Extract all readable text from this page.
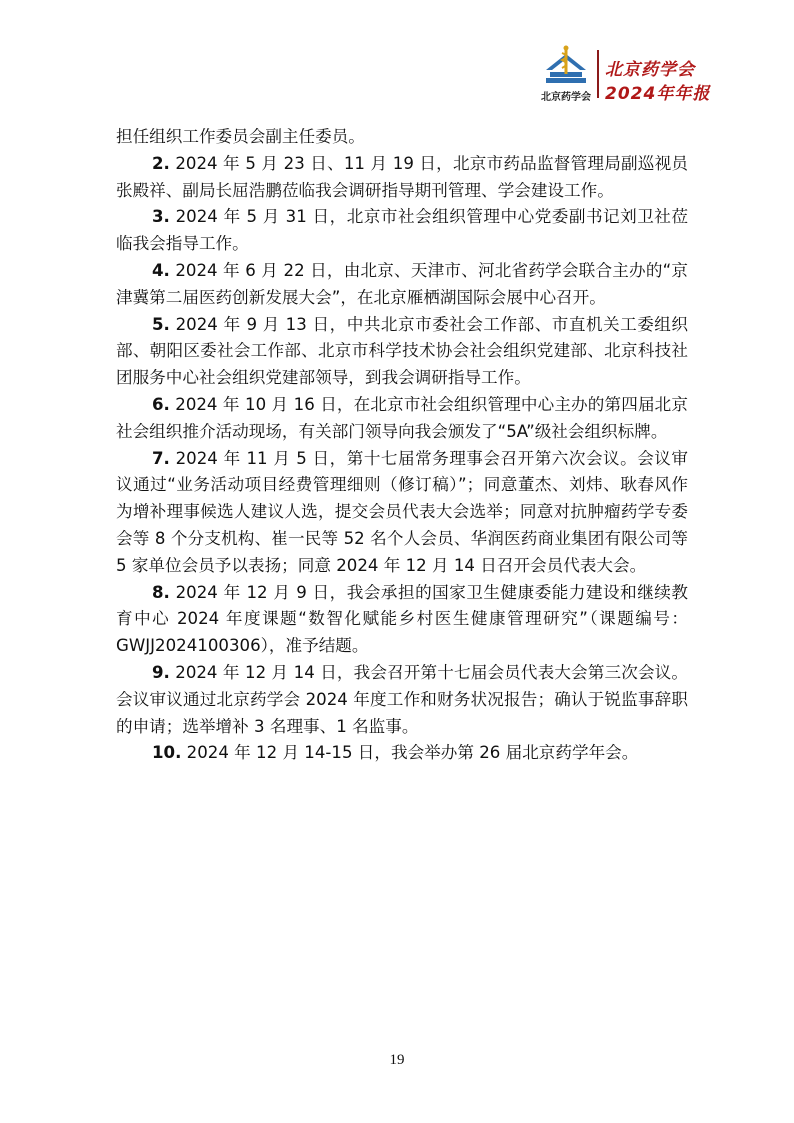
北京药学会
北京药学会
2024年年报

担任组织工作委员会副主任委员。

2. 2024 年 5 月 23 日、11 月 19 日，北京市药品监督管理局副巡视员张殿祥、副局长屈浩鹏莅临我会调研指导期刊管理、学会建设工作。

3. 2024 年 5 月 31 日，北京市社会组织管理中心党委副书记刘卫社莅临我会指导工作。

4. 2024 年 6 月 22 日，由北京、天津市、河北省药学会联合主办的“京津冀第二届医药创新发展大会”，在北京雁栖湖国际会展中心召开。

5. 2024 年 9 月 13 日，中共北京市委社会工作部、市直机关工委组织部、朝阳区委社会工作部、北京市科学技术协会社会组织党建部、北京科技社团服务中心社会组织党建部领导，到我会调研指导工作。

6. 2024 年 10 月 16 日，在北京市社会组织管理中心主办的第四届北京社会组织推介活动现场，有关部门领导向我会颁发了“5A”级社会组织标牌。

7. 2024 年 11 月 5 日，第十七届常务理事会召开第六次会议。会议审议通过“业务活动项目经费管理细则（修订稿）”；同意董杰、刘炜、耿春风作为增补理事候选人建议人选，提交会员代表大会选举；同意对抗肿瘤药学专委会等 8 个分支机构、崔一民等 52 名个人会员、华润医药商业集团有限公司等 5 家单位会员予以表扬；同意 2024 年 12 月 14 日召开会员代表大会。

8. 2024 年 12 月 9 日，我会承担的国家卫生健康委能力建设和继续教育中心 2024 年度课题“数智化赋能乡村医生健康管理研究”（课题编号：GWJJ2024100306），准予结题。

9. 2024 年 12 月 14 日，我会召开第十七届会员代表大会第三次会议。会议审议通过北京药学会 2024 年度工作和财务状况报告；确认于锐监事辞职的申请；选举增补 3 名理事、1 名监事。

10. 2024 年 12 月 14-15 日，我会举办第 26 届北京药学年会。

19
